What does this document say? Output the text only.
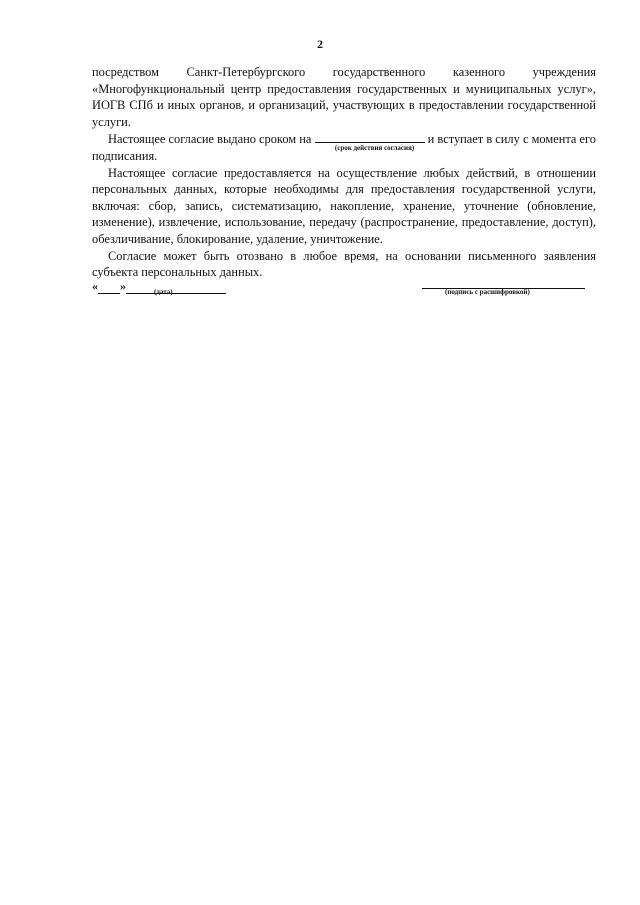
2

посредством Санкт-Петербургского государственного казенного учреждения «Многофункциональный центр предоставления государственных и муниципальных услуг», ИОГВ СПб и иных органов, и организаций, участвующих в предоставлении государственной услуги.

Настоящее согласие выдано сроком на
(срок действия согласия)
и вступает в силу с момента его подписания.

Настоящее согласие предоставляется на осуществление любых действий, в отношении персональных данных, которые необходимы для предоставления государственной услуги, включая: сбор, запись, систематизацию, накопление, хранение, уточнение (обновление, изменение), извлечение, использование, передачу (распространение, предоставление, доступ), обезличивание, блокирование, удаление, уничтожение.

Согласие может быть отозвано в любое время, на основании письменного заявления субъекта персональных данных.

« »	(дата)	(подпись с расшифровкой)
